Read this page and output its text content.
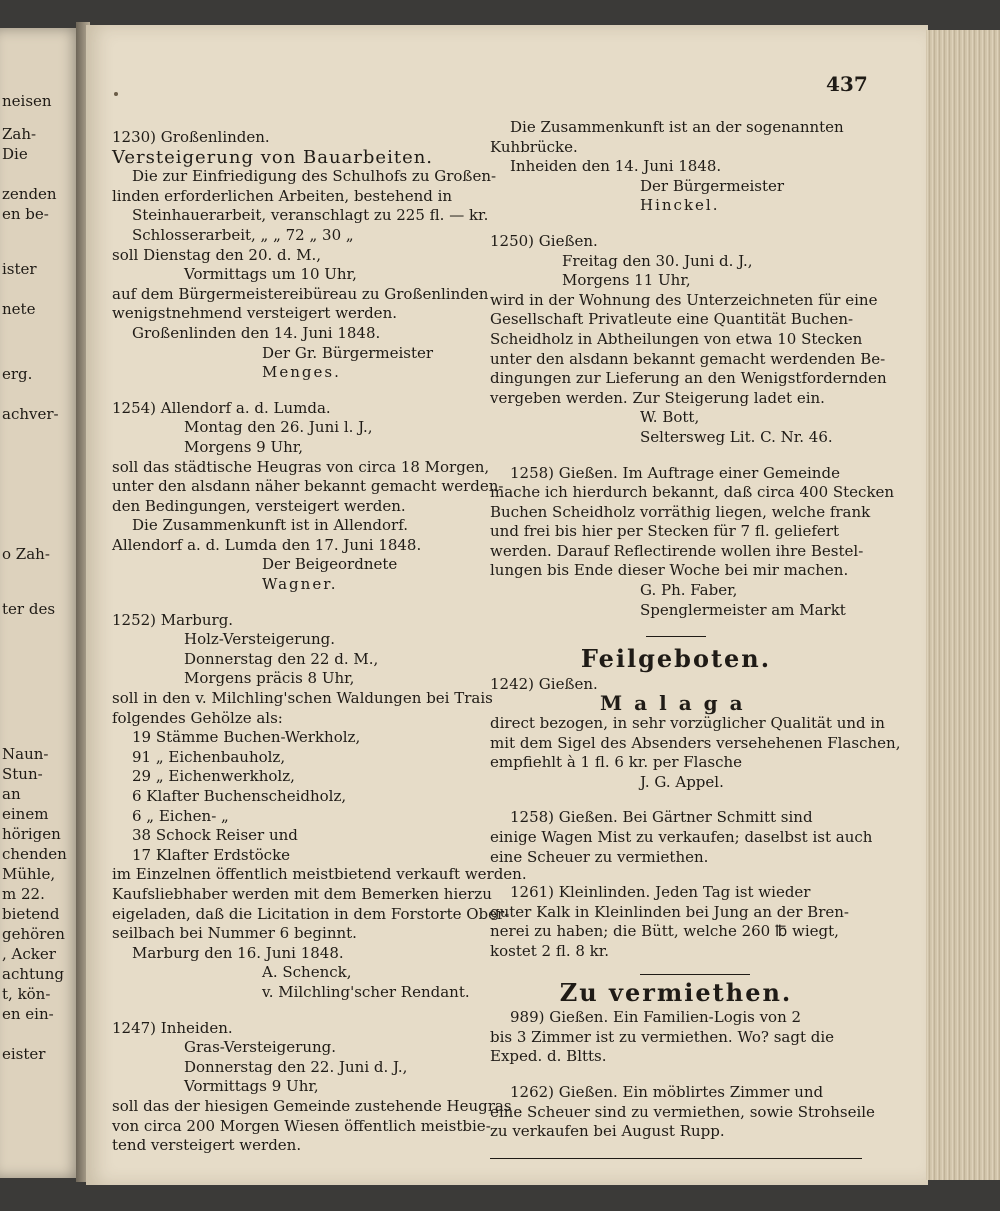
neisen
Zah-
Die
zenden
en be-
ister
nete
erg.
achver-
o Zah-
ter des
Naun-
Stun-
an
einem
hörigen
chenden
Mühle,
m 22.
bietend
gehören
, Acker
achtung
t, kön-
en ein-
eister
437
1230) Großenlinden.
Versteigerung von Bauarbeiten.
Die zur Einfriedigung des Schulhofs zu Großen-
linden erforderlichen Arbeiten, bestehend in
Steinhauerarbeit, veranschlagt zu 225 fl. — kr.
Schlosserarbeit, „ „ 72 „ 30 „
soll Dienstag den 20. d. M.,
Vormittags um 10 Uhr,
auf dem Bürgermeistereibüreau zu Großenlinden
wenigstnehmend versteigert werden.
Großenlinden den 14. Juni 1848.
Der Gr. Bürgermeister
Menges.
1254) Allendorf a. d. Lumda.
Montag den 26. Juni l. J.,
Morgens 9 Uhr,
soll das städtische Heugras von circa 18 Morgen,
unter den alsdann näher bekannt gemacht werden-
den Bedingungen, versteigert werden.
Die Zusammenkunft ist in Allendorf.
Allendorf a. d. Lumda den 17. Juni 1848.
Der Beigeordnete
Wagner.
1252) Marburg.
Holz-Versteigerung.
Donnerstag den 22 d. M.,
Morgens präcis 8 Uhr,
soll in den v. Milchling'schen Waldungen bei Trais
folgendes Gehölze als:
19 Stämme Buchen-Werkholz,
91 „ Eichenbauholz,
29 „ Eichenwerkholz,
6 Klafter Buchenscheidholz,
6 „ Eichen- „
38 Schock Reiser und
17 Klafter Erdstöcke
im Einzelnen öffentlich meistbietend verkauft werden.
Kaufsliebhaber werden mit dem Bemerken hierzu
eigeladen, daß die Licitation in dem Forstorte Ober-
seilbach bei Nummer 6 beginnt.
Marburg den 16. Juni 1848.
A. Schenck,
v. Milchling'scher Rendant.
1247) Inheiden.
Gras-Versteigerung.
Donnerstag den 22. Juni d. J.,
Vormittags 9 Uhr,
soll das der hiesigen Gemeinde zustehende Heugras
von circa 200 Morgen Wiesen öffentlich meistbie-
tend versteigert werden.
Die Zusammenkunft ist an der sogenannten
Kuhbrücke.
Inheiden den 14. Juni 1848.
Der Bürgermeister
Hinckel.
1250) Gießen.
Freitag den 30. Juni d. J.,
Morgens 11 Uhr,
wird in der Wohnung des Unterzeichneten für eine
Gesellschaft Privatleute eine Quantität Buchen-
Scheidholz in Abtheilungen von etwa 10 Stecken
unter den alsdann bekannt gemacht werdenden Be-
dingungen zur Lieferung an den Wenigstfordernden
vergeben werden. Zur Steigerung ladet ein.
W. Bott,
Seltersweg Lit. C. Nr. 46.
1258) Gießen. Im Auftrage einer Gemeinde
mache ich hierdurch bekannt, daß circa 400 Stecken
Buchen Scheidholz vorräthig liegen, welche frank
und frei bis hier per Stecken für 7 fl. geliefert
werden. Darauf Reflectirende wollen ihre Bestel-
lungen bis Ende dieser Woche bei mir machen.
G. Ph. Faber,
Spenglermeister am Markt
Feilgeboten.
1242) Gießen.
Malaga
direct bezogen, in sehr vorzüglicher Qualität und in
mit dem Sigel des Absenders versehehenen Flaschen,
empfiehlt à 1 fl. 6 kr. per Flasche
J. G. Appel.
1258) Gießen. Bei Gärtner Schmitt sind
einige Wagen Mist zu verkaufen; daselbst ist auch
eine Scheuer zu vermiethen.
1261) Kleinlinden. Jeden Tag ist wieder
guter Kalk in Kleinlinden bei Jung an der Bren-
nerei zu haben; die Bütt, welche 260 ℔ wiegt,
kostet 2 fl. 8 kr.
Zu vermiethen.
989) Gießen. Ein Familien-Logis von 2
bis 3 Zimmer ist zu vermiethen. Wo? sagt die
Exped. d. Bltts.
1262) Gießen. Ein möblirtes Zimmer und
eine Scheuer sind zu vermiethen, sowie Strohseile
zu verkaufen bei August Rupp.
